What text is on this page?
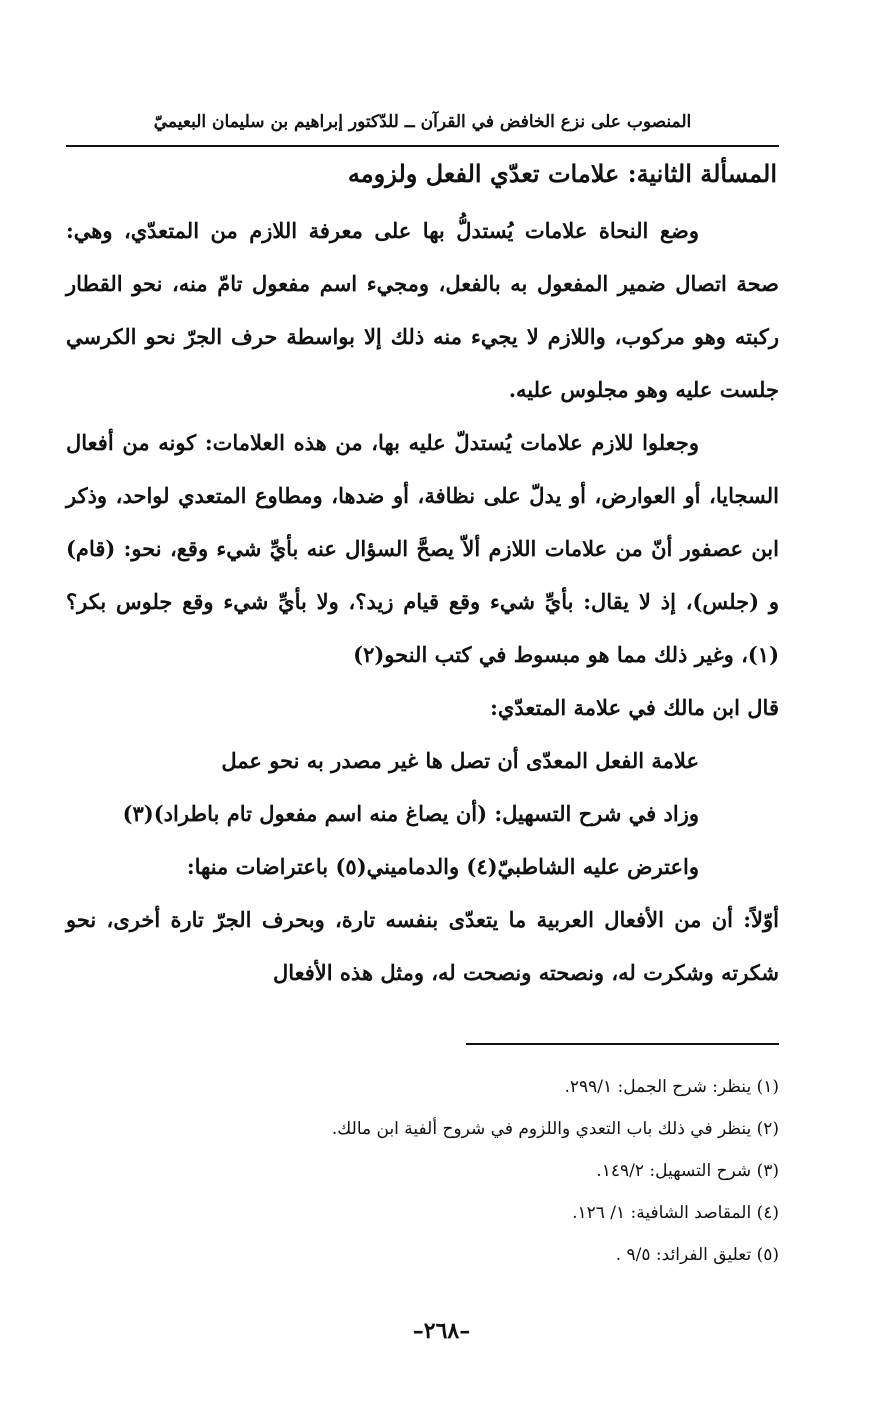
المنصوب على نزع الخافض في القرآن ــ للدّكتور إبراهيم بن سليمان البعيميّ
المسألة الثانية: علامات تعدّي الفعل ولزومه

وضع النحاة علامات يُستدلُّ بها على معرفة اللازم من المتعدّي، وهي: صحة اتصال ضمير المفعول به بالفعل، ومجيء اسم مفعول تامّ منه، نحو القطار ركبته وهو مركوب، واللازم لا يجيء منه ذلك إلا بواسطة حرف الجرّ نحو الكرسي جلست عليه وهو مجلوس عليه.

وجعلوا للازم علامات يُستدلّ عليه بها، من هذه العلامات: كونه من أفعال السجايا، أو العوارض، أو يدلّ على نظافة، أو ضدها، ومطاوع المتعدي لواحد، وذكر ابن عصفور أنّ من علامات اللازم ألاّ يصحَّ السؤال عنه بأيِّ شيء وقع، نحو: (قام) و (جلس)، إذ لا يقال: بأيِّ شيء وقع قيام زيد؟، ولا بأيِّ شيء وقع جلوس بكر؟ (١)، وغير ذلك مما هو مبسوط في كتب النحو(٢)

قال ابن مالك في علامة المتعدّي:

علامة الفعل المعدّى أن تصل ها غير مصدر به نحو عمل

وزاد في شرح التسهيل: (أن يصاغ منه اسم مفعول تام باطراد)(٣)

واعترض عليه الشاطبيّ(٤) والدماميني(٥) باعتراضات منها:

أوّلاً: أن من الأفعال العربية ما يتعدّى بنفسه تارة، وبحرف الجرّ تارة أخرى، نحو شكرته وشكرت له، ونصحته ونصحت له، ومثل هذه الأفعال

(١) ينظر: شرح الجمل: ٢٩٩/١.
(٢) ينظر في ذلك باب التعدي واللزوم في شروح ألفية ابن مالك.
(٣) شرح التسهيل: ١٤٩/٢.
(٤) المقاصد الشافية: ١/ ١٢٦.
(٥) تعليق الفرائد: ٩/٥ .
–٢٦٨–
